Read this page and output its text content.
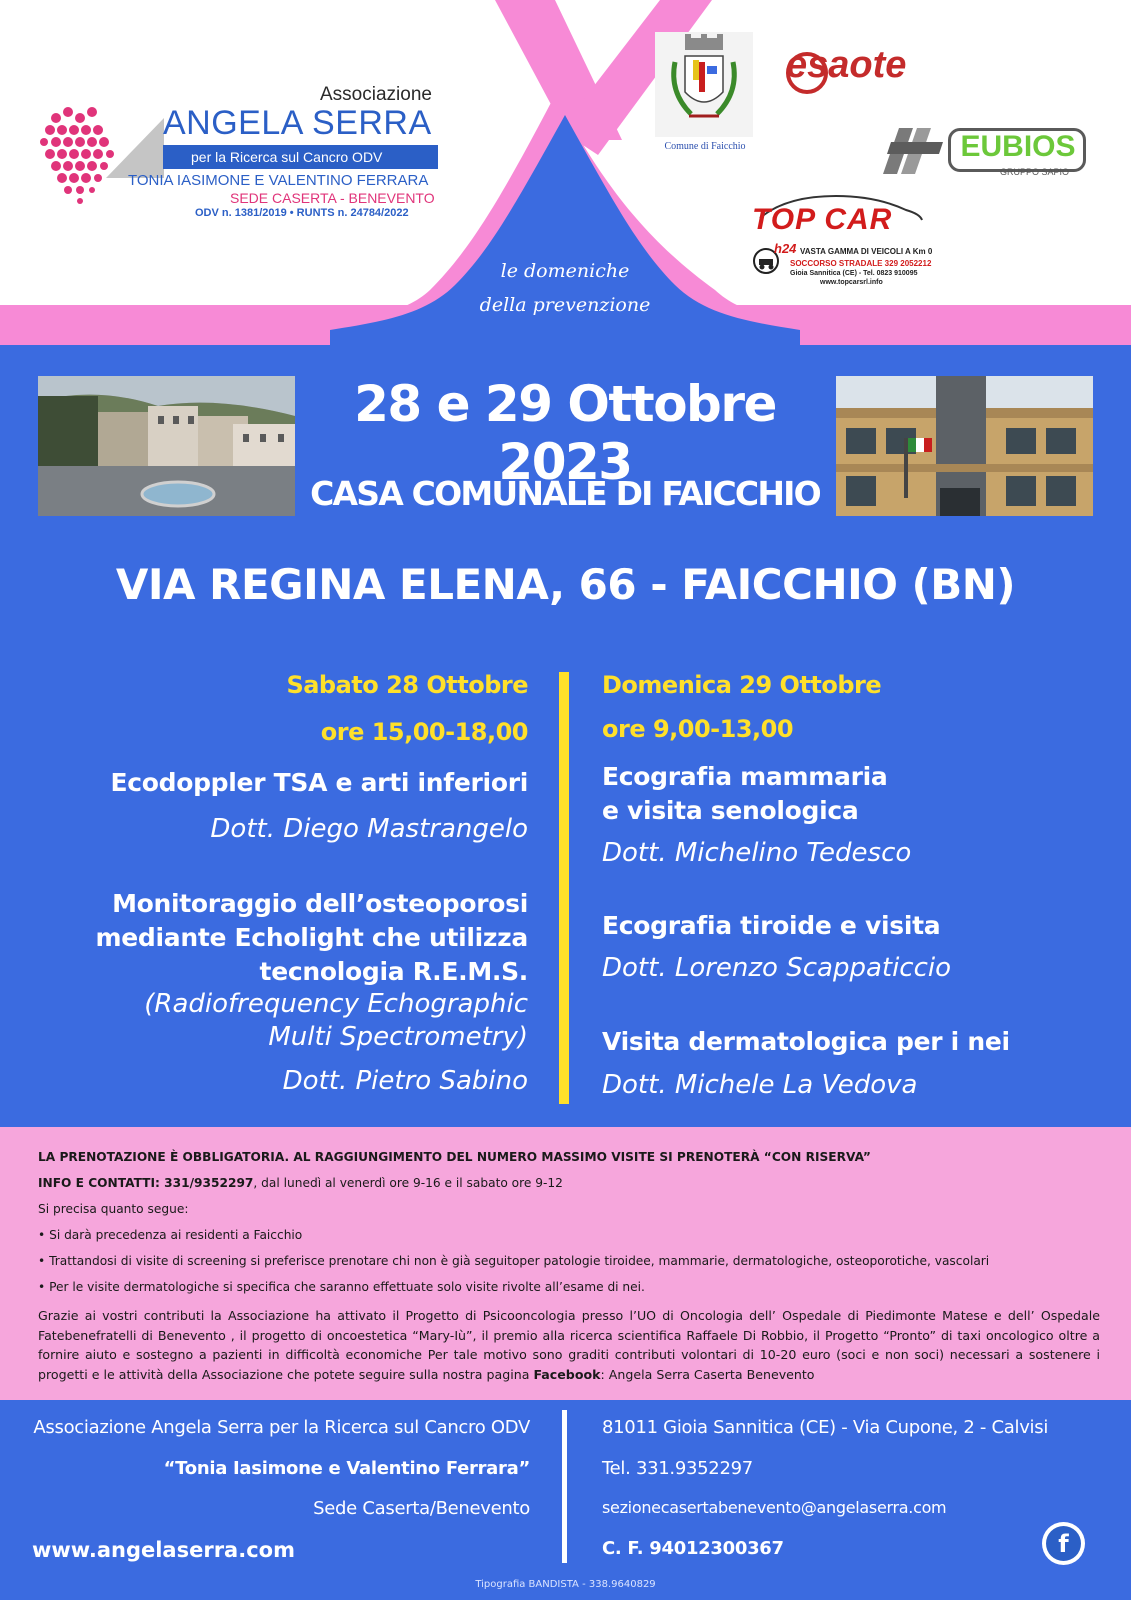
Associazione
ANGELA SERRA
per la Ricerca sul Cancro ODV
TONIA IASIMONE E VALENTINO FERRARA
SEDE CASERTA - BENEVENTO
ODV n. 1381/2019 • RUNTS n. 24784/2022
le domeniche
della prevenzione
Comune di Faicchio
esaote
EUBIOS
GRUPPO SAPIO
TOP CAR
h24 VASTA GAMMA DI VEICOLI A Km 0
SOCCORSO STRADALE 329 2052212
Gioia Sannitica (CE) - Tel. 0823 910095
www.topcarsrl.info
28 e 29 Ottobre 2023
CASA COMUNALE DI FAICCHIO
VIA REGINA ELENA, 66 - FAICCHIO (BN)
Sabato 28 Ottobre
ore 15,00-18,00
Ecodoppler TSA e arti inferiori
Dott. Diego Mastrangelo
Monitoraggio dell’osteoporosi
mediante Echolight che utilizza
tecnologia R.E.M.S.
(Radiofrequency Echographic
Multi Spectrometry)
Dott. Pietro Sabino
Domenica 29 Ottobre
ore 9,00-13,00
Ecografia mammaria
e visita senologica
Dott. Michelino Tedesco
Ecografia tiroide e visita
Dott. Lorenzo Scappaticcio
Visita dermatologica per i nei
Dott. Michele La Vedova
LA PRENOTAZIONE È OBBLIGATORIA. AL RAGGIUNGIMENTO DEL NUMERO MASSIMO VISITE SI PRENOTERÀ “CON RISERVA”
INFO E CONTATTI: 331/9352297, dal lunedì al venerdì ore 9-16 e il sabato ore 9-12
Si precisa quanto segue:
• Si darà precedenza ai residenti a Faicchio
• Trattandosi di visite di screening si preferisce prenotare chi non è già seguitoper patologie tiroidee, mammarie, dermatologiche, osteoporotiche, vascolari
• Per le visite dermatologiche si specifica che saranno effettuate solo visite rivolte all’esame di nei.
Grazie ai vostri contributi la Associazione ha attivato il Progetto di Psicooncologia presso l’UO di Oncologia dell’ Ospedale di Piedimonte Matese e dell’ Ospedale Fatebenefratelli di Benevento , il progetto di oncoestetica “Mary-Iù”, il premio alla ricerca scientifica Raffaele Di Robbio, il Progetto “Pronto” di taxi oncologico oltre a fornire aiuto e sostegno a pazienti in difficoltà economiche Per tale motivo sono graditi contributi volontari di 10-20 euro (soci e non soci) necessari a sostenere i progetti e le attività della Associazione che potete seguire sulla nostra pagina Facebook: Angela Serra Caserta Benevento
Associazione Angela Serra per la Ricerca sul Cancro ODV
“Tonia Iasimone e Valentino Ferrara”
Sede Caserta/Benevento
www.angelaserra.com
81011 Gioia Sannitica (CE) - Via Cupone, 2 - Calvisi
Tel. 331.9352297
sezionecasertabenevento@angelaserra.com
C. F. 94012300367	f
Tipografia BANDISTA - 338.9640829
